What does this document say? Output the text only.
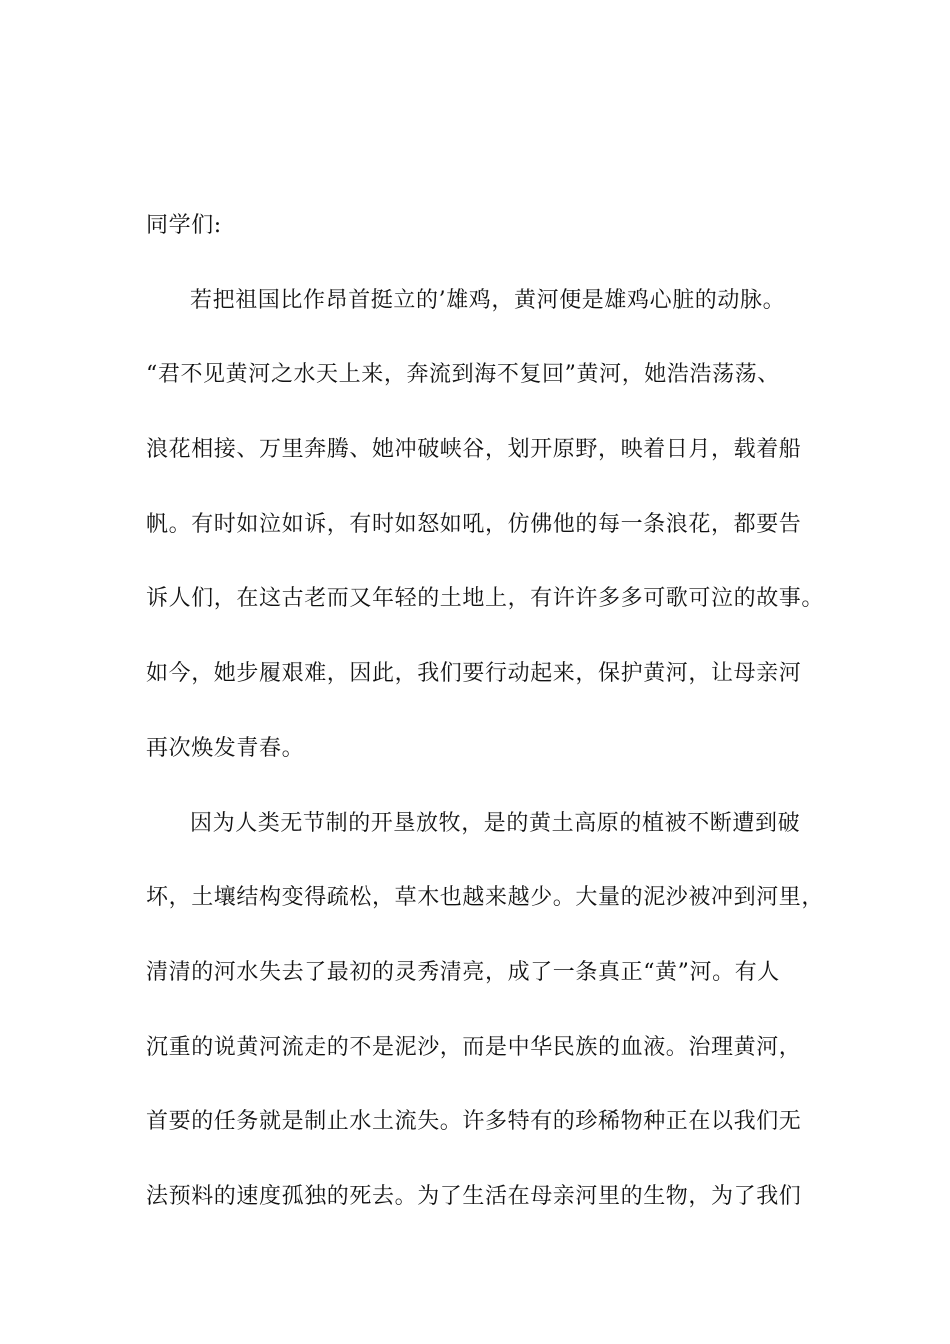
同学们:
若把祖国比作昂首挺立的’雄鸡，黄河便是雄鸡心脏的动脉。
“君不见黄河之水天上来，奔流到海不复回”黄河，她浩浩荡荡、
浪花相接、万里奔腾、她冲破峡谷，划开原野，映着日月，载着船
帆。有时如泣如诉，有时如怒如吼，仿佛他的每一条浪花，都要告
诉人们，在这古老而又年轻的土地上，有许许多多可歌可泣的故事。
如今，她步履艰难，因此，我们要行动起来，保护黄河，让母亲河
再次焕发青春。
因为人类无节制的开垦放牧，是的黄土高原的植被不断遭到破
坏，土壤结构变得疏松，草木也越来越少。大量的泥沙被冲到河里，
清清的河水失去了最初的灵秀清亮，成了一条真正“黄”河。有人
沉重的说黄河流走的不是泥沙，而是中华民族的血液。治理黄河，
首要的任务就是制止水土流失。许多特有的珍稀物种正在以我们无
法预料的速度孤独的死去。为了生活在母亲河里的生物，为了我们
